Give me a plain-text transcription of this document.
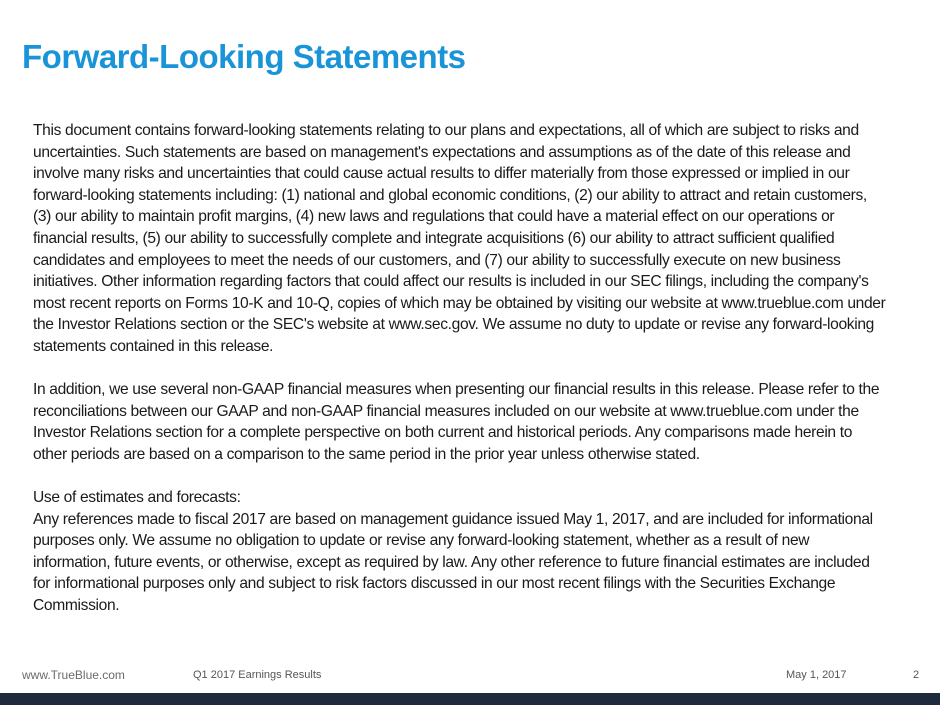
Forward-Looking Statements

This document contains forward-looking statements relating to our plans and expectations, all of which are subject to risks and
uncertainties. Such statements are based on management's expectations and assumptions as of the date of this release and
involve many risks and uncertainties that could cause actual results to differ materially from those expressed or implied in our
forward-looking statements including: (1) national and global economic conditions, (2) our ability to attract and retain customers,
(3) our ability to maintain profit margins, (4) new laws and regulations that could have a material effect on our operations or
financial results, (5) our ability to successfully complete and integrate acquisitions (6) our ability to attract sufficient qualified
candidates and employees to meet the needs of our customers, and (7) our ability to successfully execute on new business
initiatives. Other information regarding factors that could affect our results is included in our SEC filings, including the company's
most recent reports on Forms 10-K and 10-Q, copies of which may be obtained by visiting our website at www.trueblue.com under
the Investor Relations section or the SEC's website at www.sec.gov. We assume no duty to update or revise any forward-looking
statements contained in this release.

In addition, we use several non-GAAP financial measures when presenting our financial results in this release. Please refer to the
reconciliations between our GAAP and non-GAAP financial measures included on our website at www.trueblue.com under the
Investor Relations section for a complete perspective on both current and historical periods. Any comparisons made herein to
other periods are based on a comparison to the same period in the prior year unless otherwise stated.

Use of estimates and forecasts:
Any references made to fiscal 2017 are based on management guidance issued May 1, 2017, and are included for informational
purposes only. We assume no obligation to update or revise any forward-looking statement, whether as a result of new
information, future events, or otherwise, except as required by law. Any other reference to future financial estimates are included
for informational purposes only and subject to risk factors discussed in our most recent filings with the Securities Exchange
Commission.

www.TrueBlue.com	Q1 2017 Earnings Results	May 1, 2017	2
